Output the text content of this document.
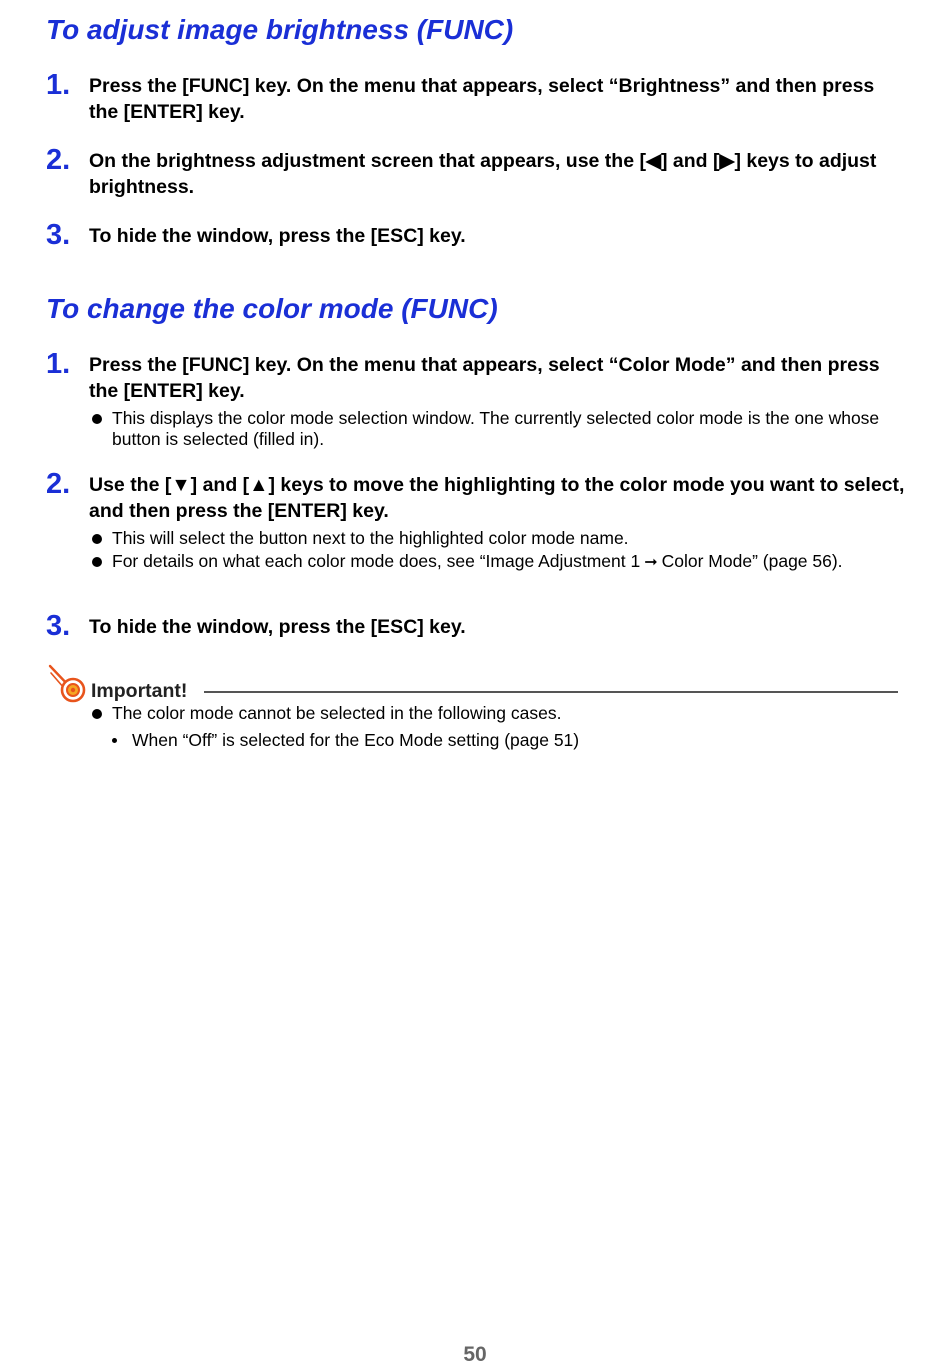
To adjust image brightness (FUNC)
1. Press the [FUNC] key. On the menu that appears, select “Brightness” and then press the [ENTER] key.
2. On the brightness adjustment screen that appears, use the [◀] and [▶] keys to adjust brightness.
3. To hide the window, press the [ESC] key.
To change the color mode (FUNC)
1. Press the [FUNC] key. On the menu that appears, select “Color Mode” and then press the [ENTER] key.
This displays the color mode selection window. The currently selected color mode is the one whose button is selected (filled in).
2. Use the [▼] and [▲] keys to move the highlighting to the color mode you want to select, and then press the [ENTER] key.
This will select the button next to the highlighted color mode name.
For details on what each color mode does, see “Image Adjustment 1 ➞ Color Mode” (page 56).
3. To hide the window, press the [ESC] key.
Important!
The color mode cannot be selected in the following cases.
When “Off” is selected for the Eco Mode setting (page 51)
50
